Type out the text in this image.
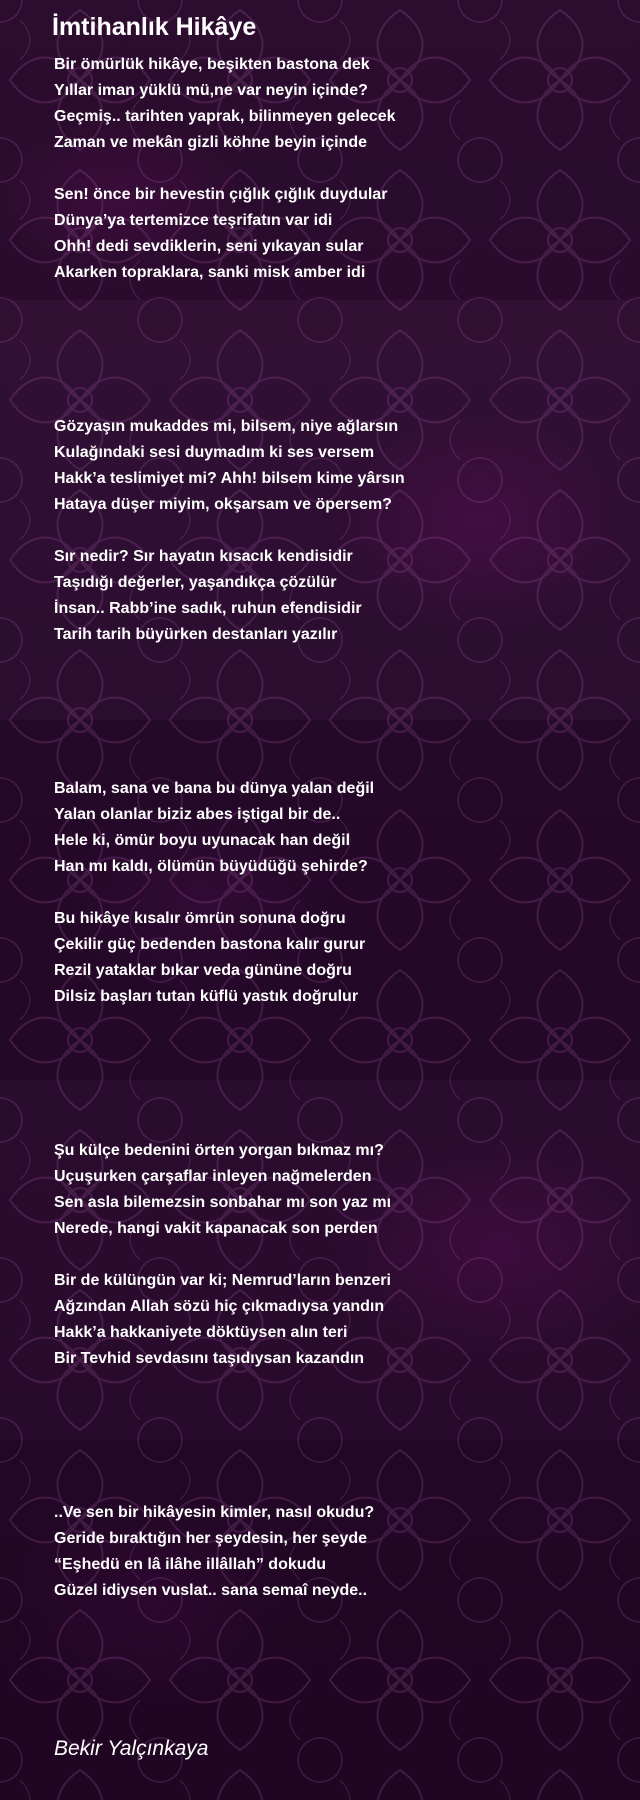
İmtihanlık Hikâye
Bir ömürlük hikâye, beşikten bastona dek
Yıllar iman yüklü mü,ne var neyin içinde?
Geçmiş.. tarihten yaprak, bilinmeyen gelecek
Zaman ve mekân gizli köhne beyin içinde
Sen! önce bir hevestin çığlık çığlık duydular
Dünya’ya tertemizce teşrifatın var idi
Ohh! dedi sevdiklerin, seni yıkayan sular
Akarken topraklara, sanki misk amber idi
Gözyaşın mukaddes mi, bilsem, niye ağlarsın
Kulağındaki sesi duymadım ki ses versem
Hakk’a teslimiyet mi? Ahh! bilsem kime yârsın
Hataya düşer miyim, okşarsam ve öpersem?
Sır nedir? Sır hayatın kısacık kendisidir
Taşıdığı değerler, yaşandıkça çözülür
İnsan.. Rabb’ine sadık, ruhun efendisidir
Tarih tarih büyürken destanları yazılır
Balam, sana ve bana bu dünya yalan değil
Yalan olanlar biziz abes iştigal bir de..
Hele ki, ömür boyu uyunacak han değil
Han mı kaldı, ölümün büyüdüğü şehirde?
Bu hikâye kısalır ömrün sonuna doğru
Çekilir güç bedenden bastona kalır gurur
Rezil yataklar bıkar veda gününe doğru
Dilsiz başları tutan küflü yastık doğrulur
Şu külçe bedenini örten yorgan bıkmaz mı?
Uçuşurken çarşaflar inleyen nağmelerden
Sen asla bilemezsin sonbahar mı son yaz mı
Nerede, hangi vakit kapanacak son perden
Bir de külüngün var ki; Nemrud’ların benzeri
Ağzından Allah sözü hiç çıkmadıysa yandın
Hakk’a hakkaniyete döktüysen alın teri
Bir Tevhid sevdasını taşıdıysan kazandın
..Ve sen bir hikâyesin kimler, nasıl okudu?
Geride bıraktığın her şeydesin, her şeyde
“Eşhedü en lâ ilâhe illâllah” dokudu
Güzel idiysen vuslat.. sana semaî neyde..
Bekir Yalçınkaya
